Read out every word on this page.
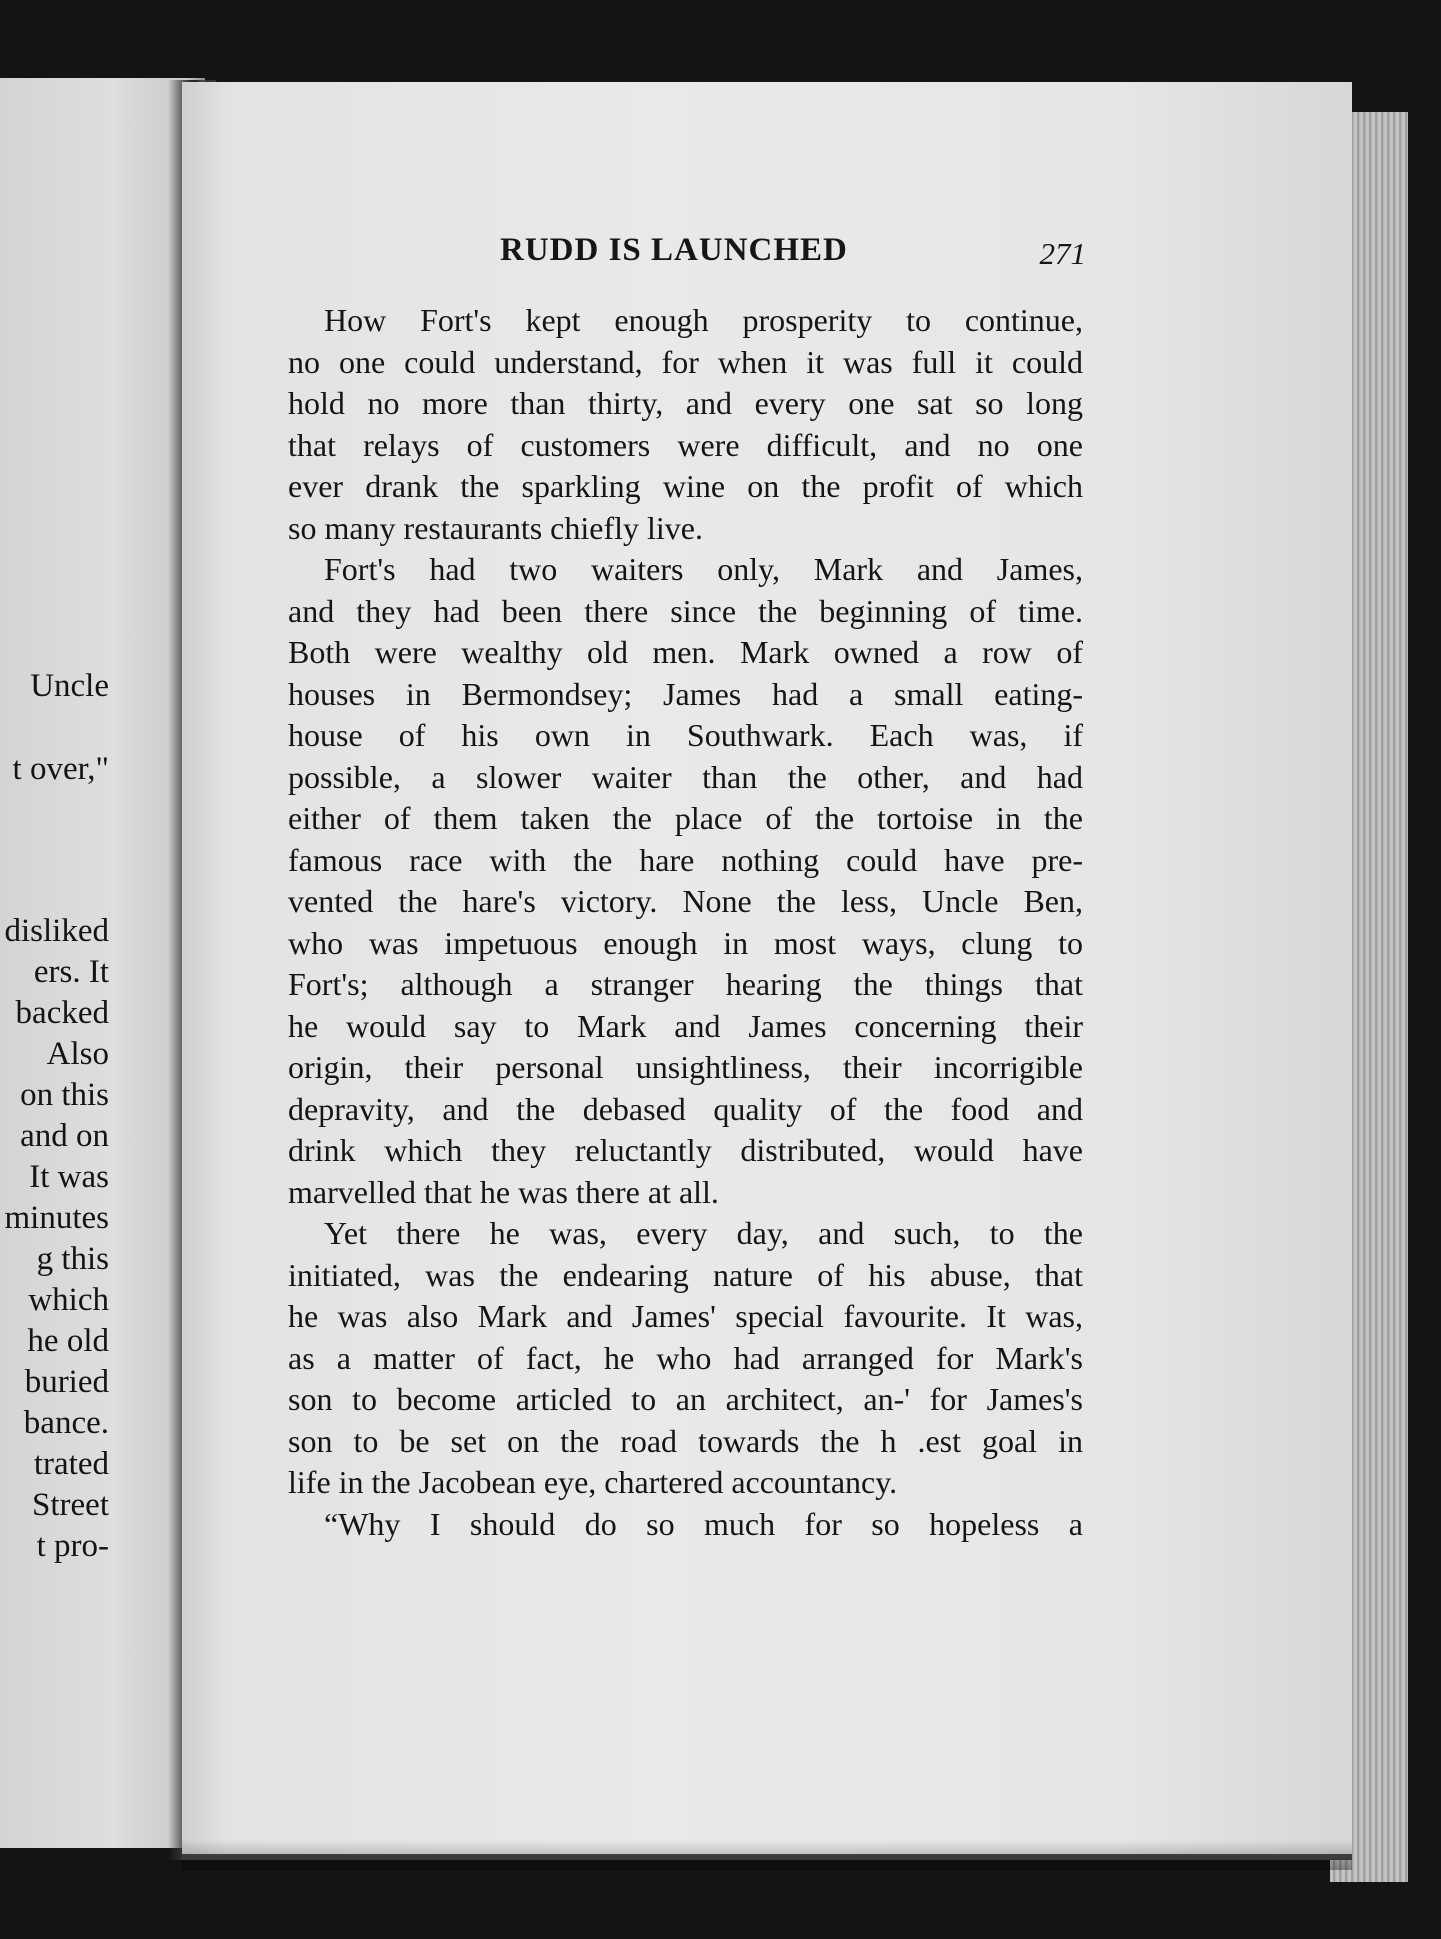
Uncle
t over,"
disliked
ers. It
backed
Also
on this
and on
It was
minutes
g this
which
he old
buried
bance.
trated
Street
t pro-
RUDD IS LAUNCHED	271
How Fort's kept enough prosperity to continue,
no one could understand, for when it was full it could
hold no more than thirty, and every one sat so long
that relays of customers were difficult, and no one
ever drank the sparkling wine on the profit of which
so many restaurants chiefly live.
Fort's had two waiters only, Mark and James,
and they had been there since the beginning of time.
Both were wealthy old men. Mark owned a row of
houses in Bermondsey; James had a small eating-
house of his own in Southwark. Each was, if
possible, a slower waiter than the other, and had
either of them taken the place of the tortoise in the
famous race with the hare nothing could have pre-
vented the hare's victory. None the less, Uncle Ben,
who was impetuous enough in most ways, clung to
Fort's; although a stranger hearing the things that
he would say to Mark and James concerning their
origin, their personal unsightliness, their incorrigible
depravity, and the debased quality of the food and
drink which they reluctantly distributed, would have
marvelled that he was there at all.
Yet there he was, every day, and such, to the
initiated, was the endearing nature of his abuse, that
he was also Mark and James' special favourite. It was,
as a matter of fact, he who had arranged for Mark's
son to become articled to an architect, an-' for James's
son to be set on the road towards the h .est goal in
life in the Jacobean eye, chartered accountancy.
“Why I should do so much for so hopeless a
